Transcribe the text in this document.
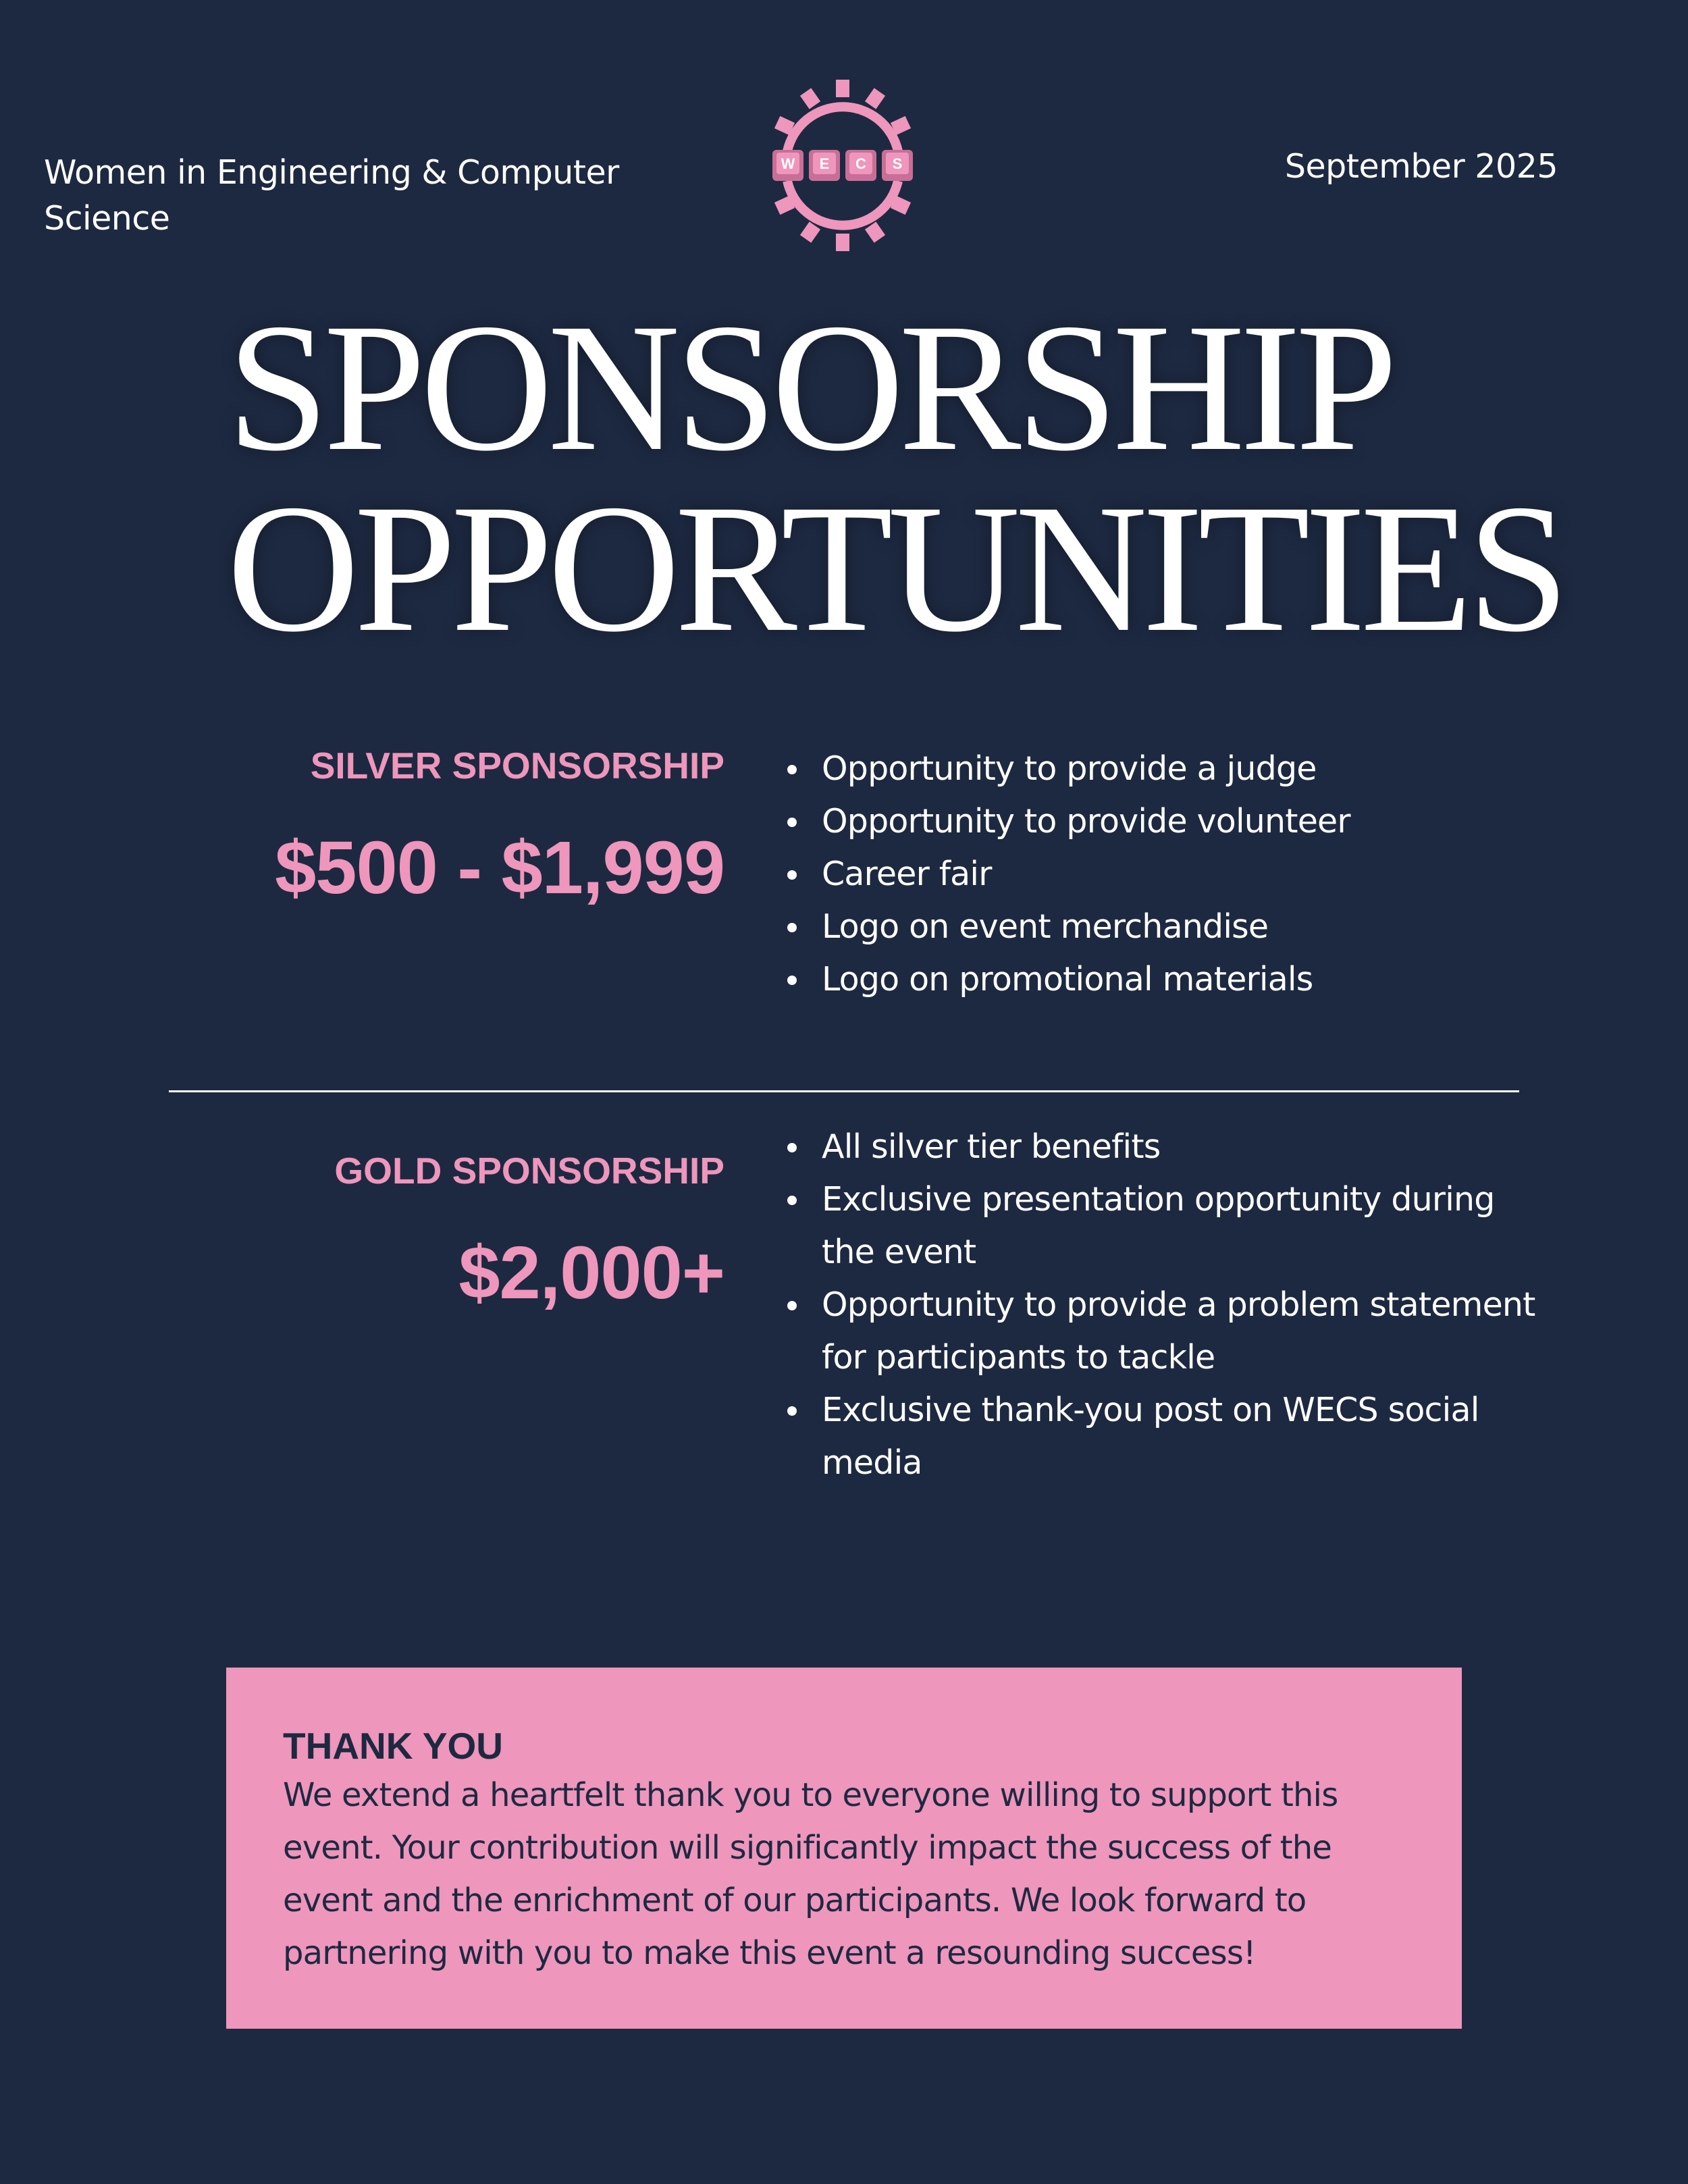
Women in Engineering & Computer Science
W E C S	September 2025
SPONSORSHIP
OPPORTUNITIES
SILVER SPONSORSHIP
$500 - $1,999
Opportunity to provide a judge
Opportunity to provide volunteer
Career fair
Logo on event merchandise
Logo on promotional materials
GOLD SPONSORSHIP
$2,000+
All silver tier benefits
Exclusive presentation opportunity during the event
Opportunity to provide a problem statement for participants to tackle
Exclusive thank-you post on WECS social media
THANK YOU
We extend a heartfelt thank you to everyone willing to support this event. Your contribution will significantly impact the success of the event and the enrichment of our participants. We look forward to partnering with you to make this event a resounding success!
